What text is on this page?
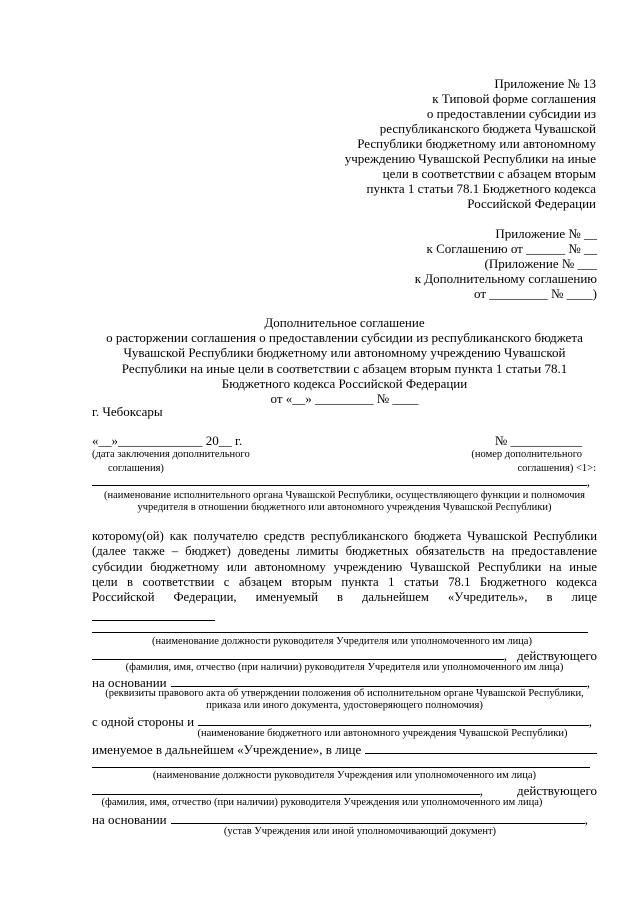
Приложение № 13
к Типовой форме соглашения
о предоставлении субсидии из
республиканского бюджета Чувашской
Республики бюджетному или автономному
учреждению Чувашской Республики на иные
цели в соответствии с абзацем вторым
пункта 1 статьи 78.1 Бюджетного кодекса
Российской Федерации
Приложение № __
к Соглашению от ______ № __
(Приложение № ___
к Дополнительному соглашению
от _________ № ____)
Дополнительное соглашение
о расторжении соглашения о предоставлении субсидии из республиканского бюджета
Чувашской Республики бюджетному или автономному учреждению Чувашской
Республики на иные цели в соответствии с абзацем вторым пункта 1 статьи 78.1
Бюджетного кодекса Российской Федерации
от «__» _________ № ____
г. Чебоксары
«__»_____________ 20__ г.	№ ___________
(дата заключения дополнительного
соглашения)
(номер дополнительного
соглашения) <1>:
,
(наименование исполнительного органа Чувашской Республики, осуществляющего функции и полномочия
учредителя в отношении бюджетного или автономного учреждения Чувашской Республики)
которому(ой) как получателю средств республиканского бюджета Чувашской Республики
(далее также – бюджет) доведены лимиты бюджетных обязательств на предоставление
субсидии бюджетному или автономному учреждению Чувашской Республики на иные
цели в соответствии с абзацем вторым пункта 1 статьи 78.1 Бюджетного кодекса
Российской Федерации, именуемый в дальнейшем «Учредитель», в лице
(наименование должности руководителя Учредителя или уполномоченного им лица)
, действующего
(фамилия, имя, отчество (при наличии) руководителя Учредителя или уполномоченного им лица)
на основании	,
(реквизиты правового акта об утверждении положения об исполнительном органе Чувашской Республики,
приказа или иного документа, удостоверяющего полномочия)
с одной стороны и	,
(наименование бюджетного или автономного учреждения Чувашской Республики)
именуемое в дальнейшем «Учреждение», в лице
(наименование должности руководителя Учреждения или уполномоченного им лица)
,	действующего
(фамилия, имя, отчество (при наличии) руководителя Учреждения или уполномоченного им лица)
на основании	,
(устав Учреждения или иной уполномочивающий документ)
